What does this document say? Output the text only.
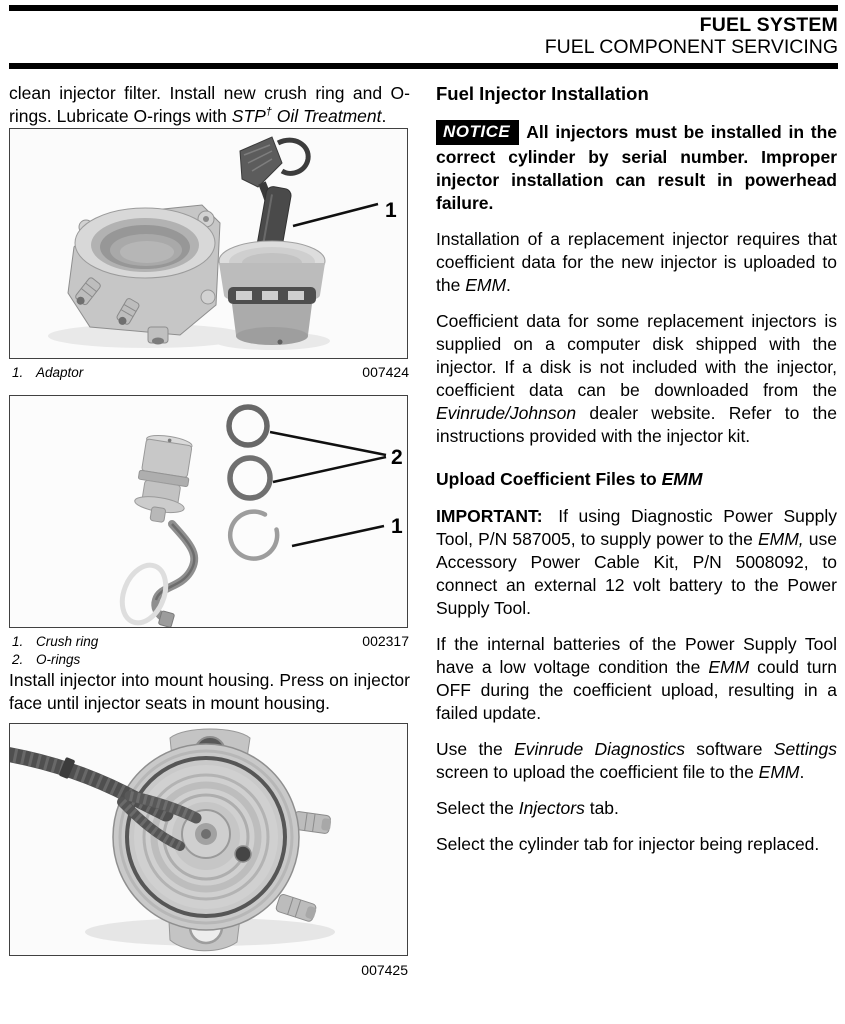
FUEL SYSTEM
FUEL COMPONENT SERVICING

clean injector filter. Install new crush ring and O-rings. Lubricate O-rings with STP† Oil Treatment.

1
1. Adaptor	007424
2
1
1. Crush ring	002317
2. O-rings

Install injector into mount housing. Press on injector face until injector seats in mount housing.

007425
Fuel Injector Installation

NOTICE All injectors must be installed in the correct cylinder by serial number. Improper injector installation can result in powerhead failure.

Installation of a replacement injector requires that coefficient data for the new injector is uploaded to the EMM.

Coefficient data for some replacement injectors is supplied on a computer disk shipped with the injector. If a disk is not included with the injector, coefficient data can be downloaded from the Evinrude/Johnson dealer website. Refer to the instructions provided with the injector kit.

Upload Coefficient Files to EMM

IMPORTANT: If using Diagnostic Power Supply Tool, P/N 587005, to supply power to the EMM, use Accessory Power Cable Kit, P/N 5008092, to connect an external 12 volt battery to the Power Supply Tool.

If the internal batteries of the Power Supply Tool have a low voltage condition the EMM could turn OFF during the coefficient upload, resulting in a failed update.

Use the Evinrude Diagnostics software Settings screen to upload the coefficient file to the EMM.

Select the Injectors tab.

Select the cylinder tab for injector being replaced.
